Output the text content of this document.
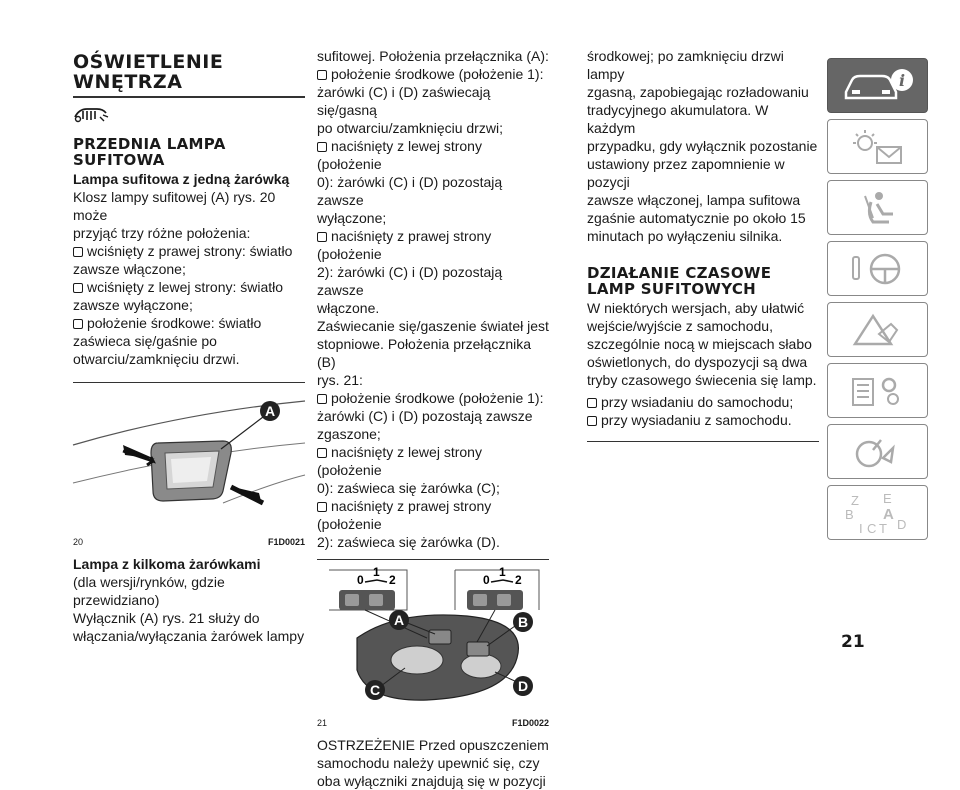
OŚWIETLENIE
WNĘTRZA
PRZEDNIA LAMPA
SUFITOWA
Lampa sufitowa z jedną żarówką

Klosz lampy sufitowej (A) rys. 20 może
przyjąć trzy różne położenia:

wciśnięty z prawej strony: światło
zawsze włączone;
wciśnięty z lewej strony: światło
zawsze wyłączone;
położenie środkowe: światło
zaświeca się/gaśnie po
otwarciu/zamknięciu drzwi.
A
20	F1D0021
Lampa z kilkoma żarówkami

(dla wersji/rynków, gdzie przewidziano)
Wyłącznik (A) rys. 21 służy do
włączania/wyłączania żarówek lampy

sufitowej. Położenia przełącznika (A):

położenie środkowe (położenie 1):
żarówki (C) i (D) zaświecają się/gasną
po otwarciu/zamknięciu drzwi;
naciśnięty z lewej strony (położenie
0): żarówki (C) i (D) pozostają zawsze
wyłączone;
naciśnięty z prawej strony (położenie
2): żarówki (C) i (D) pozostają zawsze
włączone.

Zaświecanie się/gaszenie świateł jest
stopniowe. Położenia przełącznika (B)
rys. 21:

położenie środkowe (położenie 1):
żarówki (C) i (D) pozostają zawsze
zgaszone;
naciśnięty z lewej strony (położenie
0): zaświeca się żarówka (C);
naciśnięty z prawej strony (położenie
2): zaświeca się żarówka (D).
0
1
2	0
1
2
A	B
C	D
21	F1D0022

OSTRZEŻENIE Przed opuszczeniem
samochodu należy upewnić się, czy
oba wyłączniki znajdują się w pozycji

środkowej; po zamknięciu drzwi lampy
zgasną, zapobiegając rozładowaniu
tradycyjnego akumulatora. W każdym
przypadku, gdy wyłącznik pozostanie
ustawiony przez zapomnienie w pozycji
zawsze włączonej, lampa sufitowa
zgaśnie automatycznie po około 15
minutach po wyłączeniu silnika.

DZIAŁANIE CZASOWE
LAMP SUFITOWYCH

W niektórych wersjach, aby ułatwić
wejście/wyjście z samochodu,
szczególnie nocą w miejscach słabo
oświetlonych, do dyspozycji są dwa
tryby czasowego świecenia się lamp.

przy wsiadaniu do samochodu;
przy wysiadaniu z samochodu.
i
Z E
B A
I C T D
21
